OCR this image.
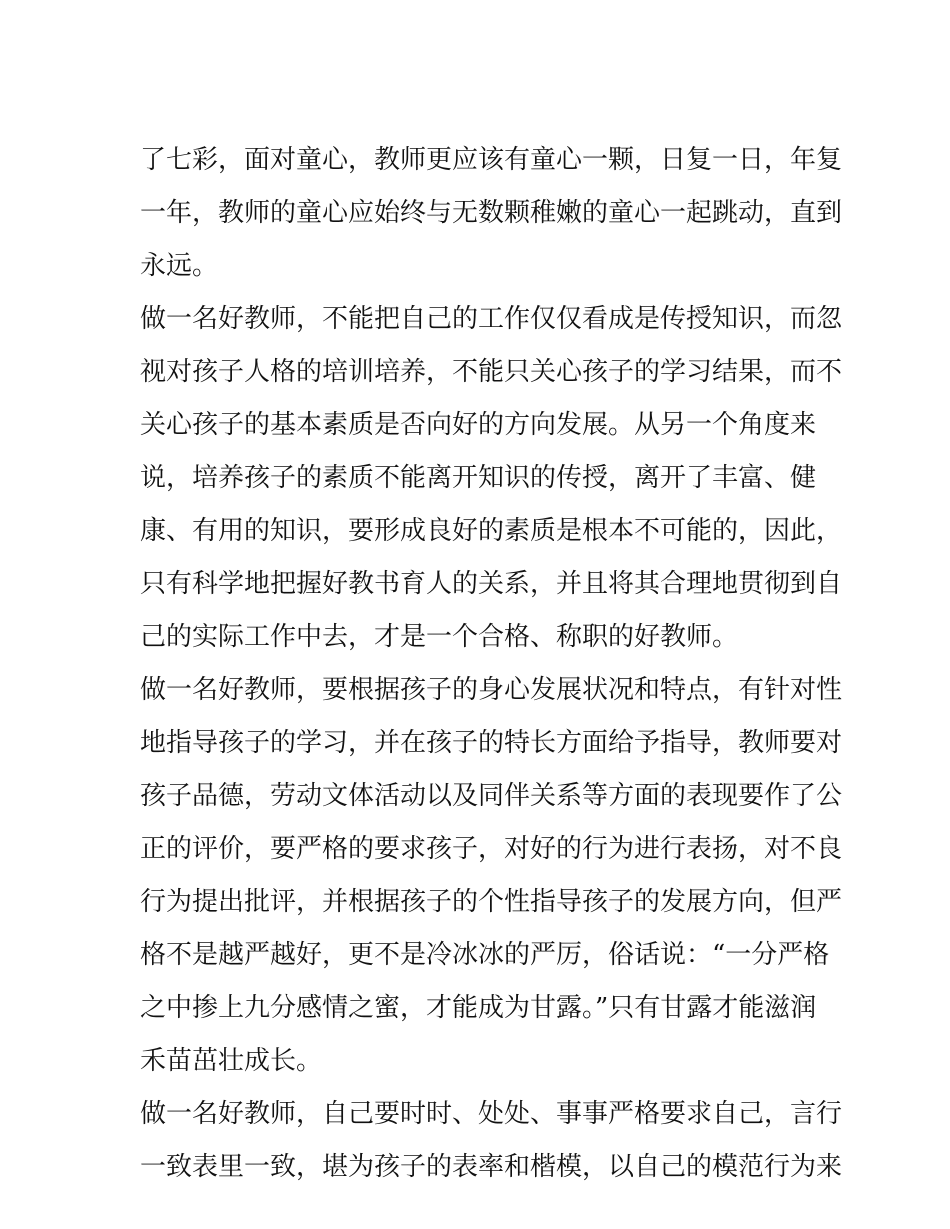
了七彩，面对童心，教师更应该有童心一颗，日复一日，年复
一年，教师的童心应始终与无数颗稚嫩的童心一起跳动，直到
永远。
做一名好教师，不能把自己的工作仅仅看成是传授知识，而忽
视对孩子人格的培训培养，不能只关心孩子的学习结果，而不
关心孩子的基本素质是否向好的方向发展。从另一个角度来
说，培养孩子的素质不能离开知识的传授，离开了丰富、健
康、有用的知识，要形成良好的素质是根本不可能的，因此，
只有科学地把握好教书育人的关系，并且将其合理地贯彻到自
己的实际工作中去，才是一个合格、称职的好教师。
做一名好教师，要根据孩子的身心发展状况和特点，有针对性
地指导孩子的学习，并在孩子的特长方面给予指导，教师要对
孩子品德，劳动文体活动以及同伴关系等方面的表现要作了公
正的评价，要严格的要求孩子，对好的行为进行表扬，对不良
行为提出批评，并根据孩子的个性指导孩子的发展方向，但严
格不是越严越好，更不是冷冰冰的严厉，俗话说：“一分严格
之中掺上九分感情之蜜，才能成为甘露。”只有甘露才能滋润
禾苗茁壮成长。
做一名好教师，自己要时时、处处、事事严格要求自己，言行
一致表里一致，堪为孩子的表率和楷模，以自己的模范行为来
